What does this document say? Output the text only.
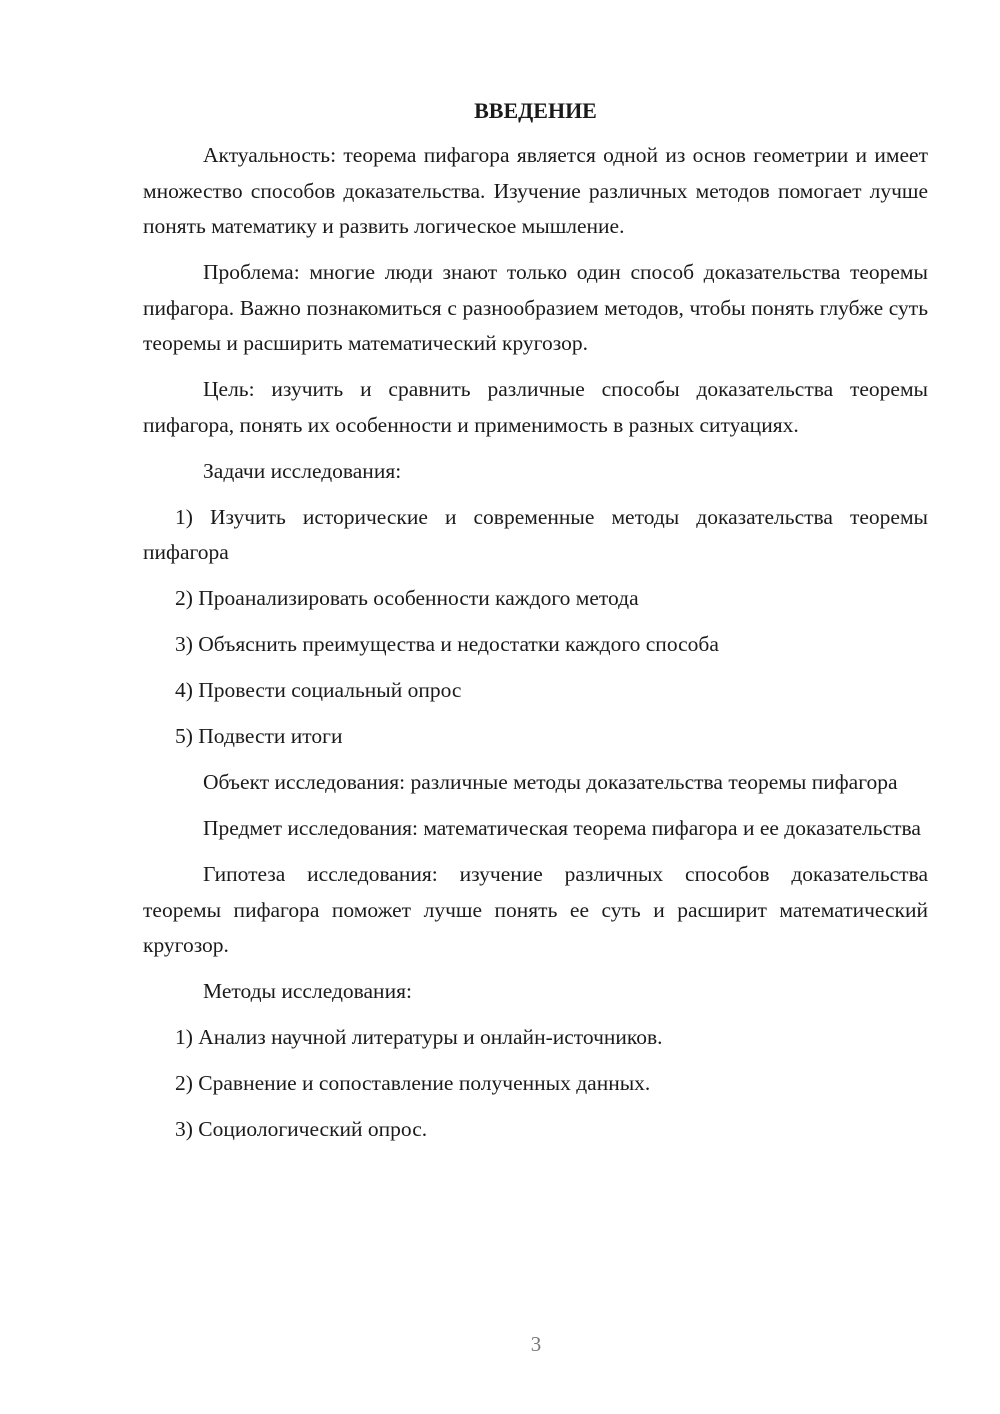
ВВЕДЕНИЕ

Актуальность: теорема пифагора является одной из основ геометрии и имеет множество способов доказательства. Изучение различных методов помогает лучше понять математику и развить логическое мышление.

Проблема: многие люди знают только один способ доказательства теоремы пифагора. Важно познакомиться с разнообразием методов, чтобы понять глубже суть теоремы и расширить математический кругозор.

Цель: изучить и сравнить различные способы доказательства теоремы пифагора, понять их особенности и применимость в разных ситуациях.

Задачи исследования:

1) Изучить исторические и современные методы доказательства теоремы пифагора

2) Проанализировать особенности каждого метода

3) Объяснить преимущества и недостатки каждого способа

4) Провести социальный опрос

5) Подвести итоги

Объект исследования: различные методы доказательства теоремы пифагора

Предмет исследования: математическая теорема пифагора и ее доказательства

Гипотеза исследования: изучение различных способов доказательства теоремы пифагора поможет лучше понять ее суть и расширит математический кругозор.

Методы исследования:

1) Анализ научной литературы и онлайн-источников.

2) Сравнение и сопоставление полученных данных.

3) Социологический опрос.

3
